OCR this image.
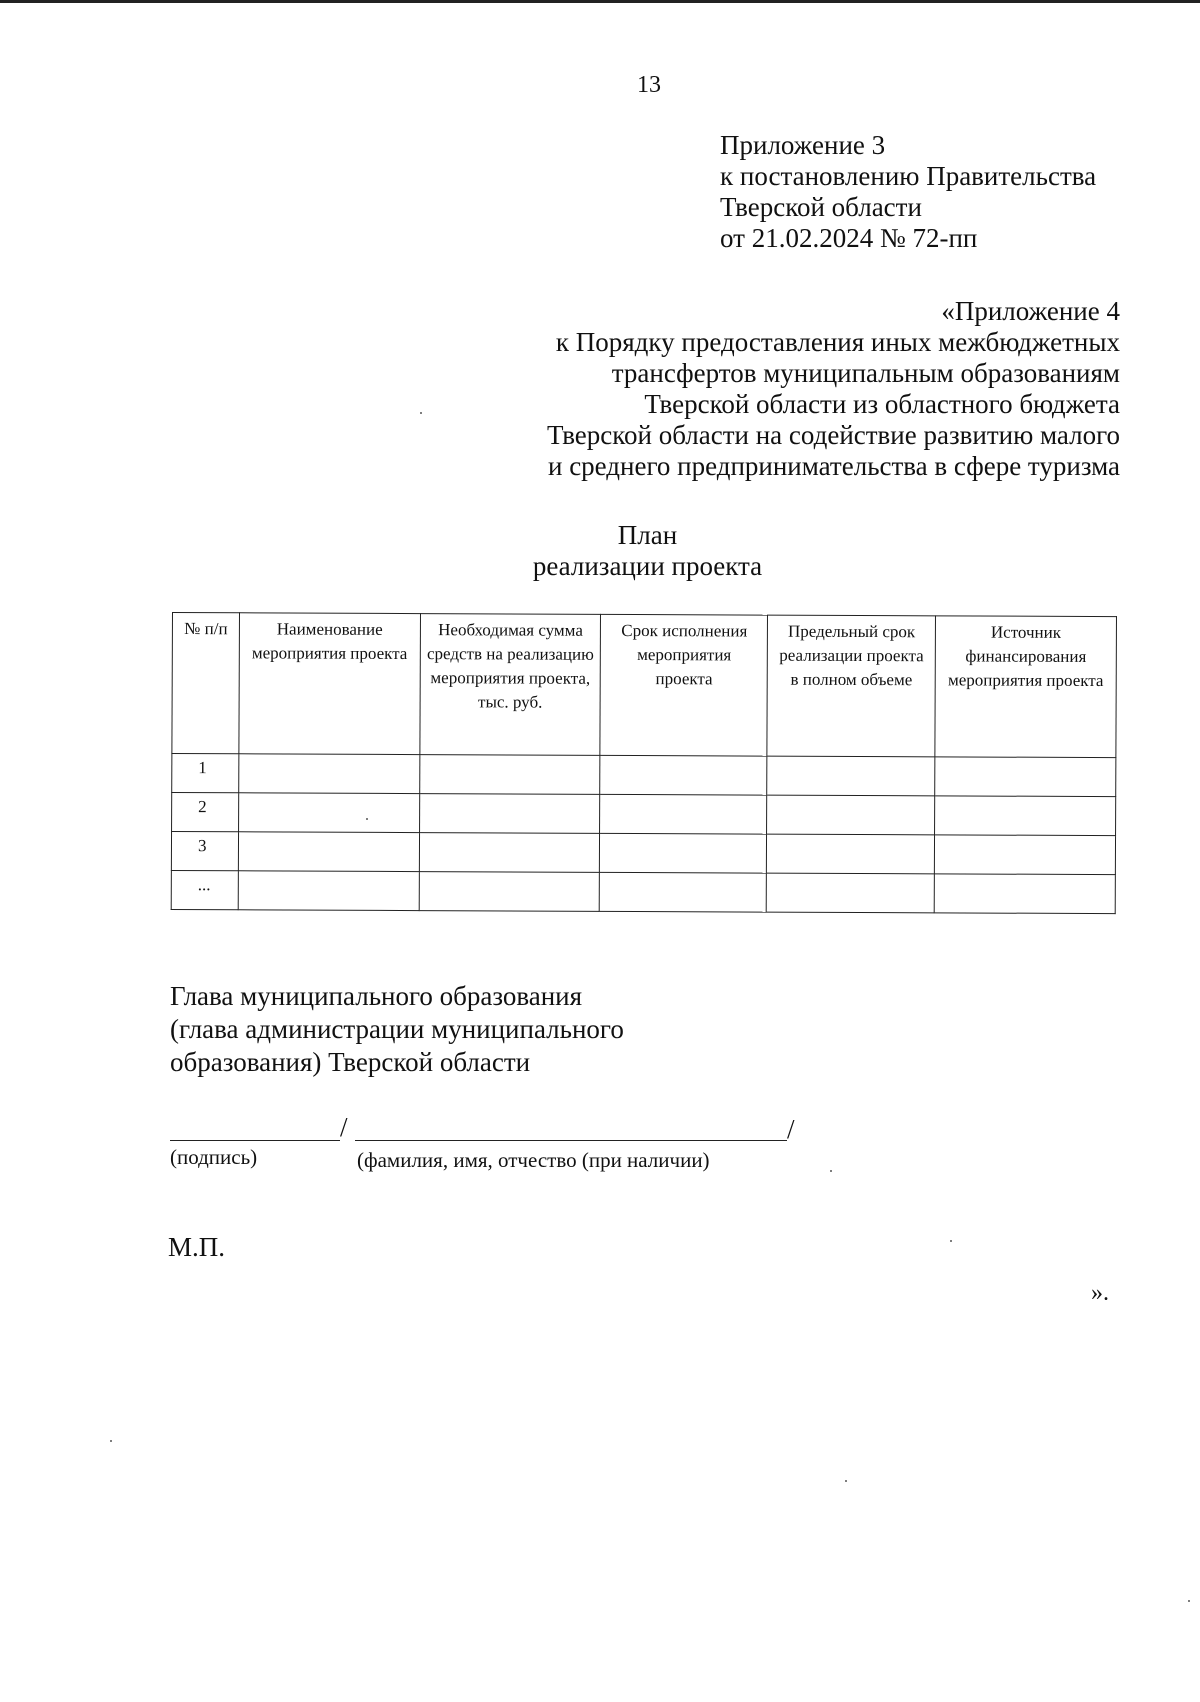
13
Приложение 3
к постановлению Правительства
Тверской области
от 21.02.2024 № 72-пп
«Приложение 4
к Порядку предоставления иных межбюджетных
трансфертов муниципальным образованиям
Тверской области из областного бюджета
Тверской области на содействие развитию малого
и среднего предпринимательства в сфере туризма
План
реализации проекта
№ п/п	Наименование мероприятия проекта	Необходимая сумма средств на реализацию мероприятия проекта, тыс. руб.	Срок исполнения мероприятия проекта	Предельный срок реализации проекта в полном объеме	Источник финансирования мероприятия проекта
1					
2					
3					
...					
Глава муниципального образования
(глава администрации муниципального
образования) Тверской области
/	/
(подпись)	(фамилия, имя, отчество (при наличии)
М.П.
».
